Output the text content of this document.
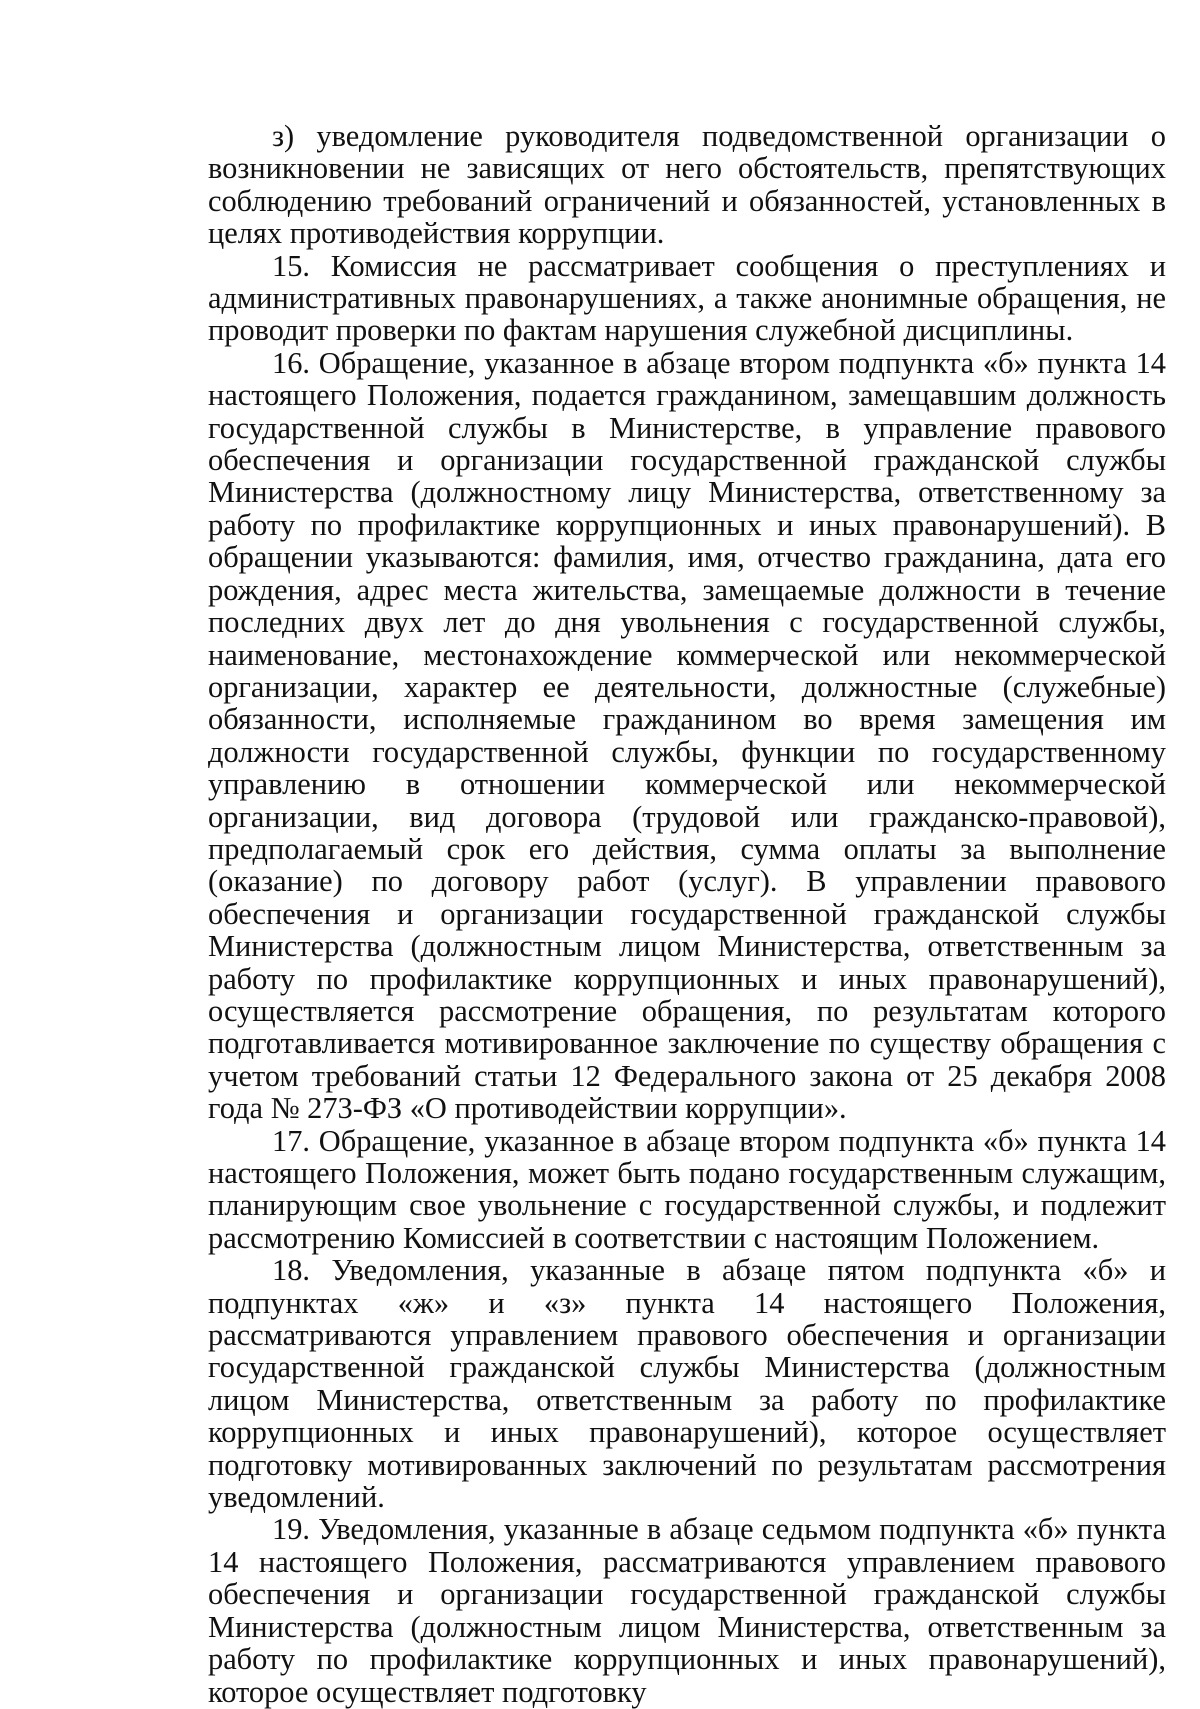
з) уведомление руководителя подведомственной организации о возникновении не зависящих от него обстоятельств, препятствующих соблюдению требований ограничений и обязанностей, установленных в целях противодействия коррупции.

15. Комиссия не рассматривает сообщения о преступлениях и административных правонарушениях, а также анонимные обращения, не проводит проверки по фактам нарушения служебной дисциплины.

16. Обращение, указанное в абзаце втором подпункта «б» пункта 14 настоящего Положения, подается гражданином, замещавшим должность государственной службы в Министерстве, в управление правового обеспечения и организации государственной гражданской службы Министерства (должностному лицу Министерства, ответственному за работу по профилактике коррупционных и иных правонарушений). В обращении указываются: фамилия, имя, отчество гражданина, дата его рождения, адрес места жительства, замещаемые должности в течение последних двух лет до дня увольнения с государственной службы, наименование, местонахождение коммерческой или некоммерческой организации, характер ее деятельности, должностные (служебные) обязанности, исполняемые гражданином во время замещения им должности государственной службы, функции по государственному управлению в отношении коммерческой или некоммерческой организации, вид договора (трудовой или гражданско-правовой), предполагаемый срок его действия, сумма оплаты за выполнение (оказание) по договору работ (услуг). В управлении правового обеспечения и организации государственной гражданской службы Министерства (должностным лицом Министерства, ответственным за работу по профилактике коррупционных и иных правонарушений), осуществляется рассмотрение обращения, по результатам которого подготавливается мотивированное заключение по существу обращения с учетом требований статьи 12 Федерального закона от 25 декабря 2008 года № 273-ФЗ «О противодействии коррупции».

17. Обращение, указанное в абзаце втором подпункта «б» пункта 14 настоящего Положения, может быть подано государственным служащим, планирующим свое увольнение с государственной службы, и подлежит рассмотрению Комиссией в соответствии с настоящим Положением.

18. Уведомления, указанные в абзаце пятом подпункта «б» и подпунктах «ж» и «з» пункта 14 настоящего Положения, рассматриваются управлением правового обеспечения и организации государственной гражданской службы Министерства (должностным лицом Министерства, ответственным за работу по профилактике коррупционных и иных правонарушений), которое осуществляет подготовку мотивированных заключений по результатам рассмотрения уведомлений.

19. Уведомления, указанные в абзаце седьмом подпункта «б» пункта 14 настоящего Положения, рассматриваются управлением правового обеспечения и организации государственной гражданской службы Министерства (должностным лицом Министерства, ответственным за работу по профилактике коррупционных и иных правонарушений), которое осуществляет подготовку
